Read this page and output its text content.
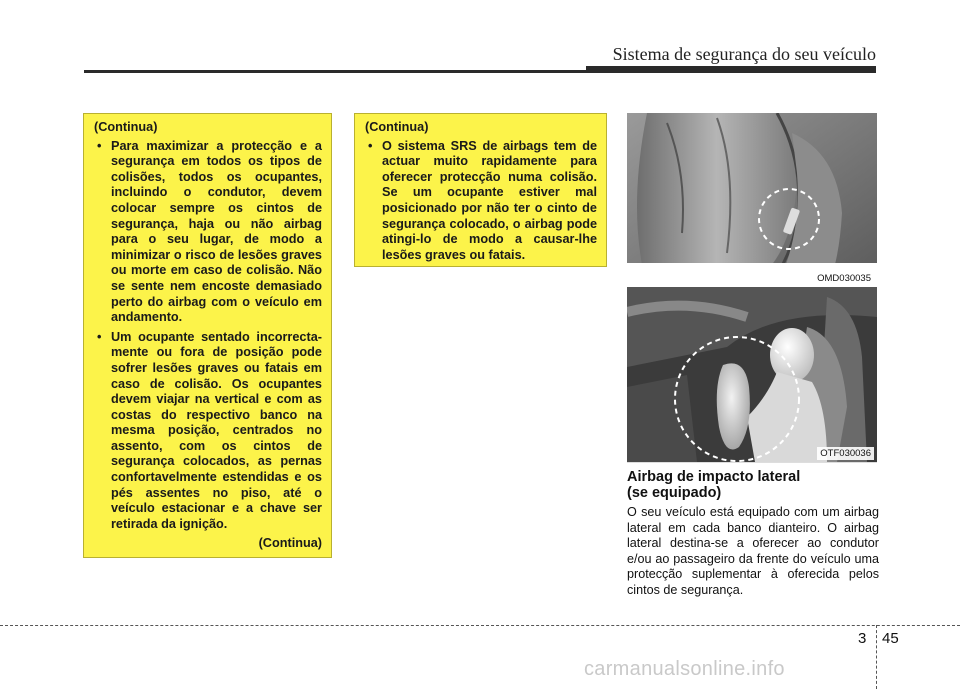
Sistema de segurança do seu veículo
(Continua)
• Para maximizar a protecção e a segurança em todos os tipos de colisões, todos os ocupantes, incluindo o condutor, devem colocar sempre os cintos de segurança, haja ou não airbag para o seu lugar, de modo a minimizar o risco de lesões graves ou morte em caso de colisão. Não se sente nem encoste demasiado perto do airbag com o veículo em andamento.
• Um ocupante sentado incorrecta-mente ou fora de posição pode sofrer lesões graves ou fatais em caso de colisão. Os ocupantes devem viajar na vertical e com as costas do respectivo banco na mesma posição, centrados no assento, com os cintos de segurança colocados, as pernas confortavelmente estendidas e os pés assentes no piso, até o veículo estacionar e a chave ser retirada da ignição.
(Continua)
(Continua)
• O sistema SRS de airbags tem de actuar muito rapidamente para oferecer protecção numa colisão. Se um ocupante estiver mal posicionado por não ter o cinto de segurança colocado, o airbag pode atingi-lo de modo a causar-lhe lesões graves ou fatais.
OMD030035
OTF030036
Airbag de impacto lateral
(se equipado)
O seu veículo está equipado com um airbag lateral em cada banco dianteiro. O airbag lateral destina-se a oferecer ao condutor e/ou ao passageiro da frente do veículo uma protecção suplementar à oferecida pelos cintos de segurança.
3 45
carmanualsonline.info
